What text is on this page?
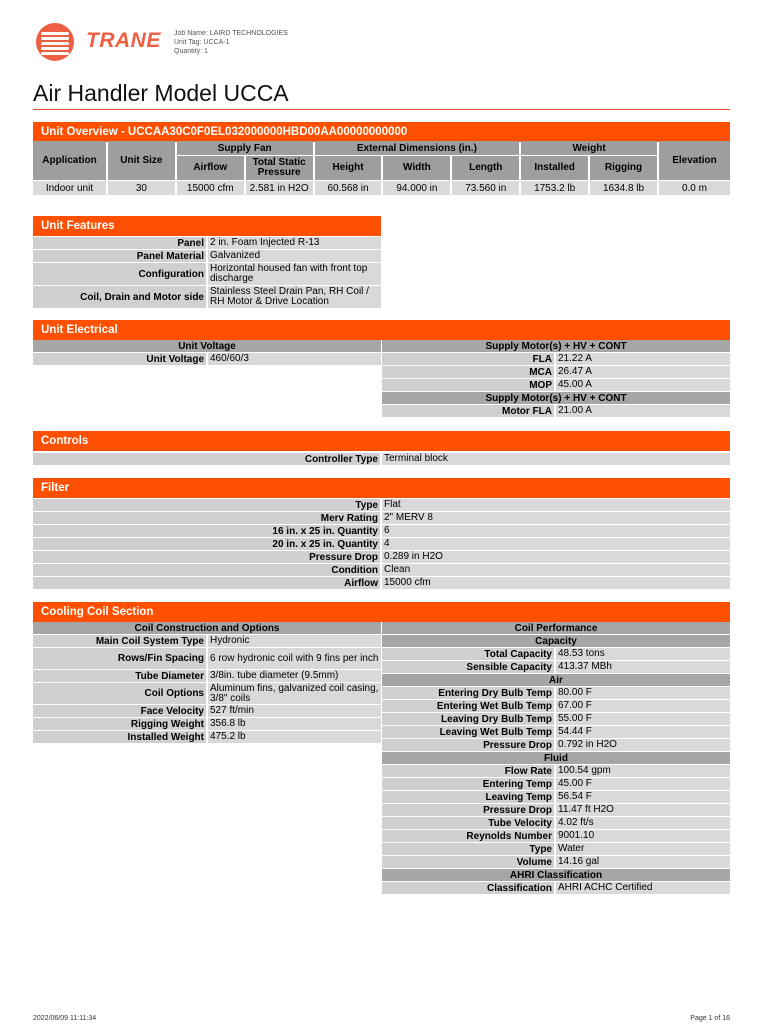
TRANE Job Name: LAIRD TECHNOLOGIES
Unit Tag: UCCA-1
Quantity: 1
Air Handler Model UCCA
Unit Overview - UCCAA30C0F0EL032000000HBD00AA00000000000
Application	Unit Size	Supply Fan		External Dimensions (in.)			Weight		Elevation
		Airflow	Total Static Pressure	Height	Width	Length	Installed	Rigging	
Indoor unit	30	15000 cfm	2.581 in H2O	60.568 in	94.000 in	73.560 in	1753.2 lb	1634.8 lb	0.0 m
Unit Features
Panel 2 in. Foam Injected R-13
Panel Material Galvanized
Configuration Horizontal housed fan with front top discharge
Coil, Drain and Motor side Stainless Steel Drain Pan, RH Coil / RH Motor & Drive Location
Unit Electrical
Unit Voltage
Unit Voltage 460/60/3
Supply Motor(s) + HV + CONT
FLA 21.22 A
MCA 26.47 A
MOP 45.00 A
Supply Motor(s) + HV + CONT
Motor FLA 21.00 A
Controls
Controller Type Terminal block
Filter
Type Flat
Merv Rating 2" MERV 8
16 in. x 25 in. Quantity 6
20 in. x 25 in. Quantity 4
Pressure Drop 0.289 in H2O
Condition Clean
Airflow 15000 cfm
Cooling Coil Section
Coil Construction and Options
Main Coil System Type Hydronic
Rows/Fin Spacing 6 row hydronic coil with 9 fins per inch
Tube Diameter 3/8in. tube diameter (9.5mm)
Coil Options Aluminum fins, galvanized coil casing, 3/8" coils
Face Velocity 527 ft/min
Rigging Weight 356.8 lb
Installed Weight 475.2 lb
Coil Performance
Capacity
Total Capacity 48.53 tons
Sensible Capacity 413.37 MBh
Air
Entering Dry Bulb Temp 80.00 F
Entering Wet Bulb Temp 67.00 F
Leaving Dry Bulb Temp 55.00 F
Leaving Wet Bulb Temp 54.44 F
Pressure Drop 0.792 in H2O
Fluid
Flow Rate 100.54 gpm
Entering Temp 45.00 F
Leaving Temp 56.54 F
Pressure Drop 11.47 ft H2O
Tube Velocity 4.02 ft/s
Reynolds Number 9001.10
Type Water
Volume 14.16 gal
AHRI Classification
Classification AHRI ACHC Certified
2022/06/09 11:11:34	Page 1 of 16
